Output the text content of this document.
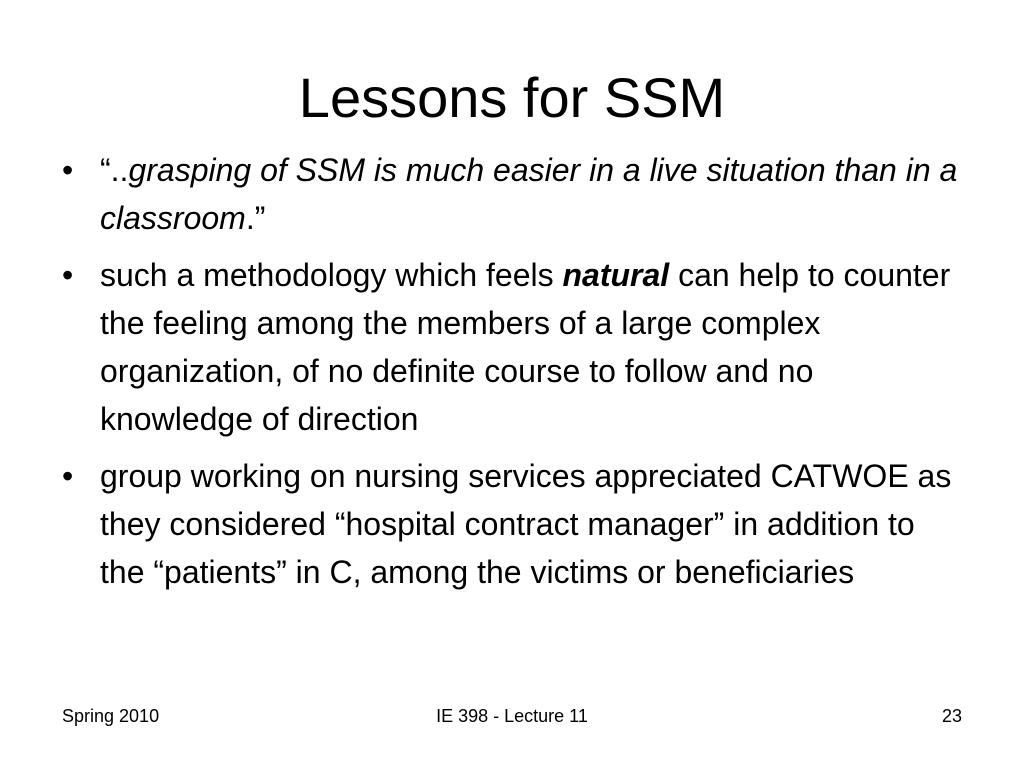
Lessons for SSM
• “..grasping of SSM is much easier in a live situation than in a classroom.”
• such a methodology which feels natural can help to counter the feeling among the members of a large complex organization, of no definite course to follow and no knowledge of direction
• group working on nursing services appreciated CATWOE as they considered “hospital contract manager” in addition to the “patients” in C, among the victims or beneficiaries
Spring 2010	IE 398 - Lecture 11	23
